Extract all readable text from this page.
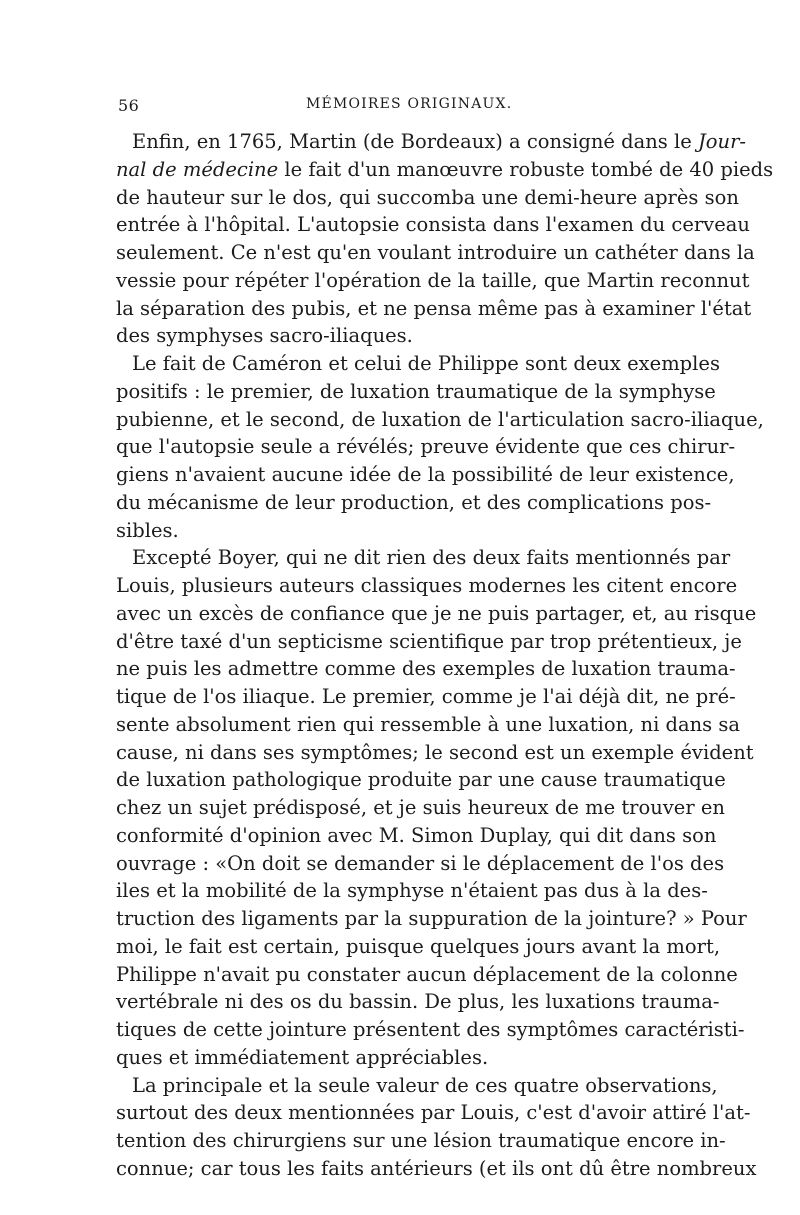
56	MÉMOIRES ORIGINAUX.
Enfin, en 1765, Martin (de Bordeaux) a consigné dans le Jour-
nal de médecine le fait d'un manœuvre robuste tombé de 40 pieds
de hauteur sur le dos, qui succomba une demi-heure après son
entrée à l'hôpital. L'autopsie consista dans l'examen du cerveau
seulement. Ce n'est qu'en voulant introduire un cathéter dans la
vessie pour répéter l'opération de la taille, que Martin reconnut
la séparation des pubis, et ne pensa même pas à examiner l'état
des symphyses sacro-iliaques.
Le fait de Caméron et celui de Philippe sont deux exemples
positifs : le premier, de luxation traumatique de la symphyse
pubienne, et le second, de luxation de l'articulation sacro-iliaque,
que l'autopsie seule a révélés; preuve évidente que ces chirur-
giens n'avaient aucune idée de la possibilité de leur existence,
du mécanisme de leur production, et des complications pos-
sibles.
Excepté Boyer, qui ne dit rien des deux faits mentionnés par
Louis, plusieurs auteurs classiques modernes les citent encore
avec un excès de confiance que je ne puis partager, et, au risque
d'être taxé d'un septicisme scientifique par trop prétentieux, je
ne puis les admettre comme des exemples de luxation trauma-
tique de l'os iliaque. Le premier, comme je l'ai déjà dit, ne pré-
sente absolument rien qui ressemble à une luxation, ni dans sa
cause, ni dans ses symptômes; le second est un exemple évident
de luxation pathologique produite par une cause traumatique
chez un sujet prédisposé, et je suis heureux de me trouver en
conformité d'opinion avec M. Simon Duplay, qui dit dans son
ouvrage : «On doit se demander si le déplacement de l'os des
iles et la mobilité de la symphyse n'étaient pas dus à la des-
truction des ligaments par la suppuration de la jointure? » Pour
moi, le fait est certain, puisque quelques jours avant la mort,
Philippe n'avait pu constater aucun déplacement de la colonne
vertébrale ni des os du bassin. De plus, les luxations trauma-
tiques de cette jointure présentent des symptômes caractéristi-
ques et immédiatement appréciables.
La principale et la seule valeur de ces quatre observations,
surtout des deux mentionnées par Louis, c'est d'avoir attiré l'at-
tention des chirurgiens sur une lésion traumatique encore in-
connue; car tous les faits antérieurs (et ils ont dû être nombreux
